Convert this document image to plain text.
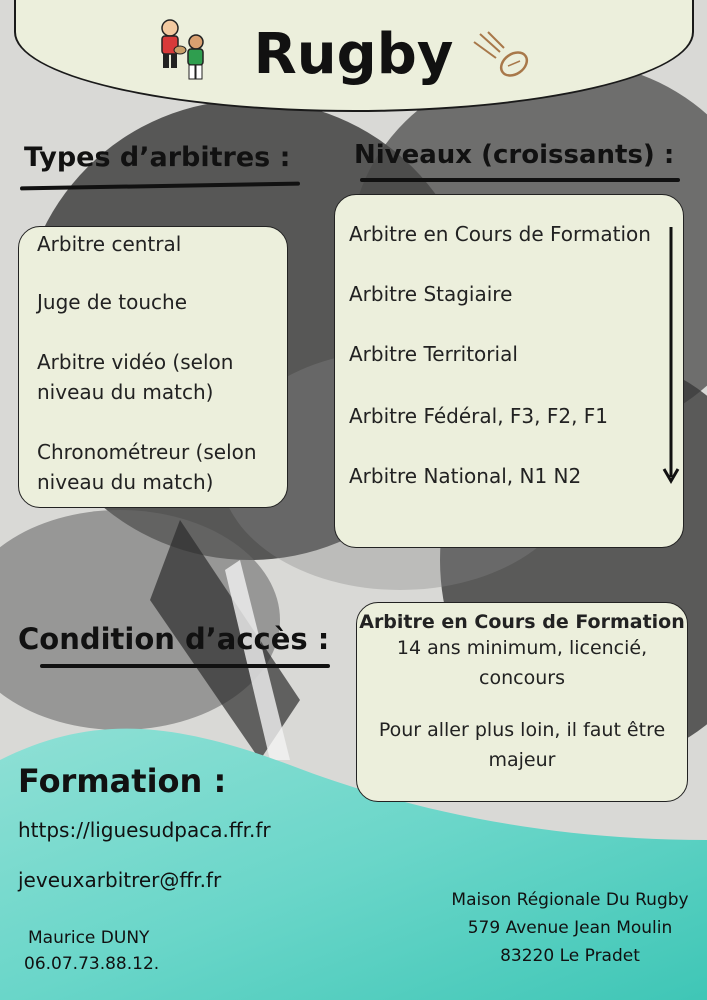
Rugby
Types d’arbitres :
Arbitre central
Juge de touche
Arbitre vidéo (selon
niveau du match)
Chronométreur (selon
niveau du match)
Niveaux (croissants) :
Arbitre en Cours de Formation
Arbitre Stagiaire
Arbitre Territorial
Arbitre Fédéral, F3, F2, F1
Arbitre National, N1 N2
Condition d’accès : Arbitre en Cours de Formation
14 ans minimum, licencié,
concours
Pour aller plus loin, il faut être
majeur
Formation :
https://liguesudpaca.ffr.fr
jeveuxarbitrer@ffr.fr
Maurice DUNY
06.07.73.88.12.
Maison Régionale Du Rugby
579 Avenue Jean Moulin
83220 Le Pradet
